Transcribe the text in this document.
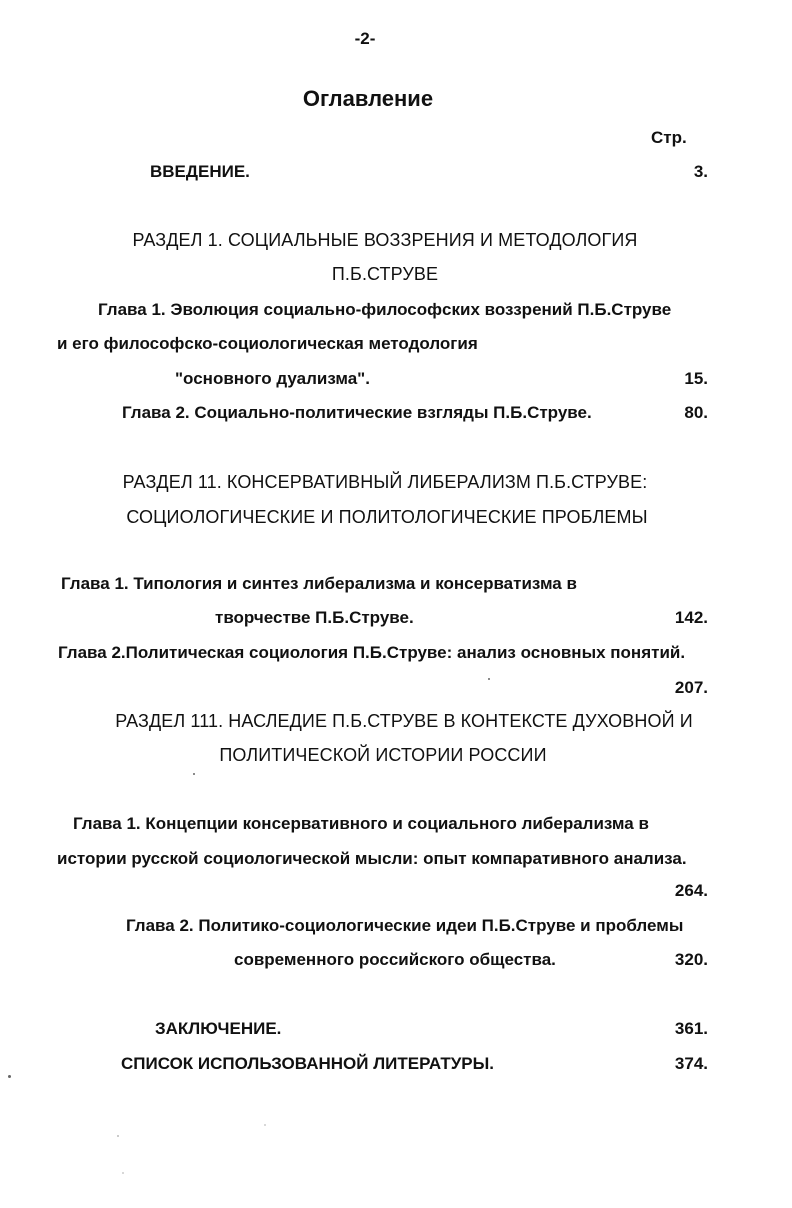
-2-
Оглавление
Стр.
ВВЕДЕНИЕ.	3.
РАЗДЕЛ 1. СОЦИАЛЬНЫЕ ВОЗЗРЕНИЯ И МЕТОДОЛОГИЯ
П.Б.СТРУВЕ
Глава 1. Эволюция социально-философских воззрений П.Б.Струве
и его философско-социологическая методология
"основного дуализма".	15.
Глава 2. Социально-политические взгляды П.Б.Струве.	80.
РАЗДЕЛ 11. КОНСЕРВАТИВНЫЙ ЛИБЕРАЛИЗМ П.Б.СТРУВЕ:
СОЦИОЛОГИЧЕСКИЕ И ПОЛИТОЛОГИЧЕСКИЕ ПРОБЛЕМЫ
Глава 1. Типология и синтез либерализма и консерватизма в
творчестве П.Б.Струве.	142.
Глава 2.Политическая социология П.Б.Струве: анализ основных понятий.
207.
РАЗДЕЛ 111. НАСЛЕДИЕ П.Б.СТРУВЕ В КОНТЕКСТЕ ДУХОВНОЙ И
ПОЛИТИЧЕСКОЙ ИСТОРИИ РОССИИ
Глава 1. Концепции консервативного и социального либерализма в
истории русской социологической мысли: опыт компаративного анализа.
264.
Глава 2. Политико-социологические идеи П.Б.Струве и проблемы
современного российского общества.	320.
ЗАКЛЮЧЕНИЕ.	361.
СПИСОК ИСПОЛЬЗОВАННОЙ ЛИТЕРАТУРЫ.	374.
